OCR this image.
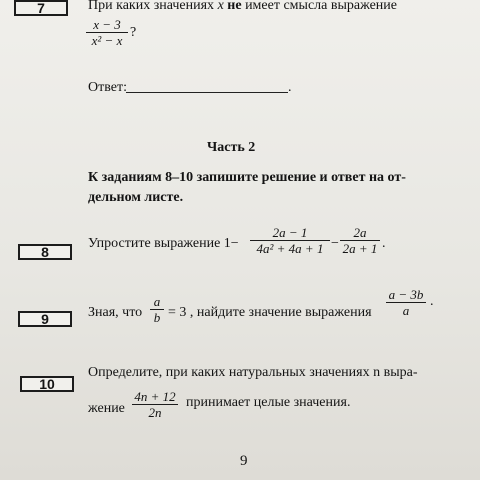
7	При каких значениях x не имеет смысла выражение
$\frac{x - 3}{\text{x² − x}}$ ?
Ответ:	.
Часть 2
К заданиям 8–10 запишите решение и ответ на от-
дельном листе.
8
Упростите выражение $1- \frac{2a - 1}{\text{4a² + 4a + 1}} - \frac{2a}{2a + 1}$ .
9	Зная, что $\frac{a}{b} = 3$ , найдите значение выражения $\frac{a - 3b}{a}$ .
10
Определите, при каких натуральных значениях n выра-
жение $\frac{4n + 12}{2n}$ принимает целые значения.
9
